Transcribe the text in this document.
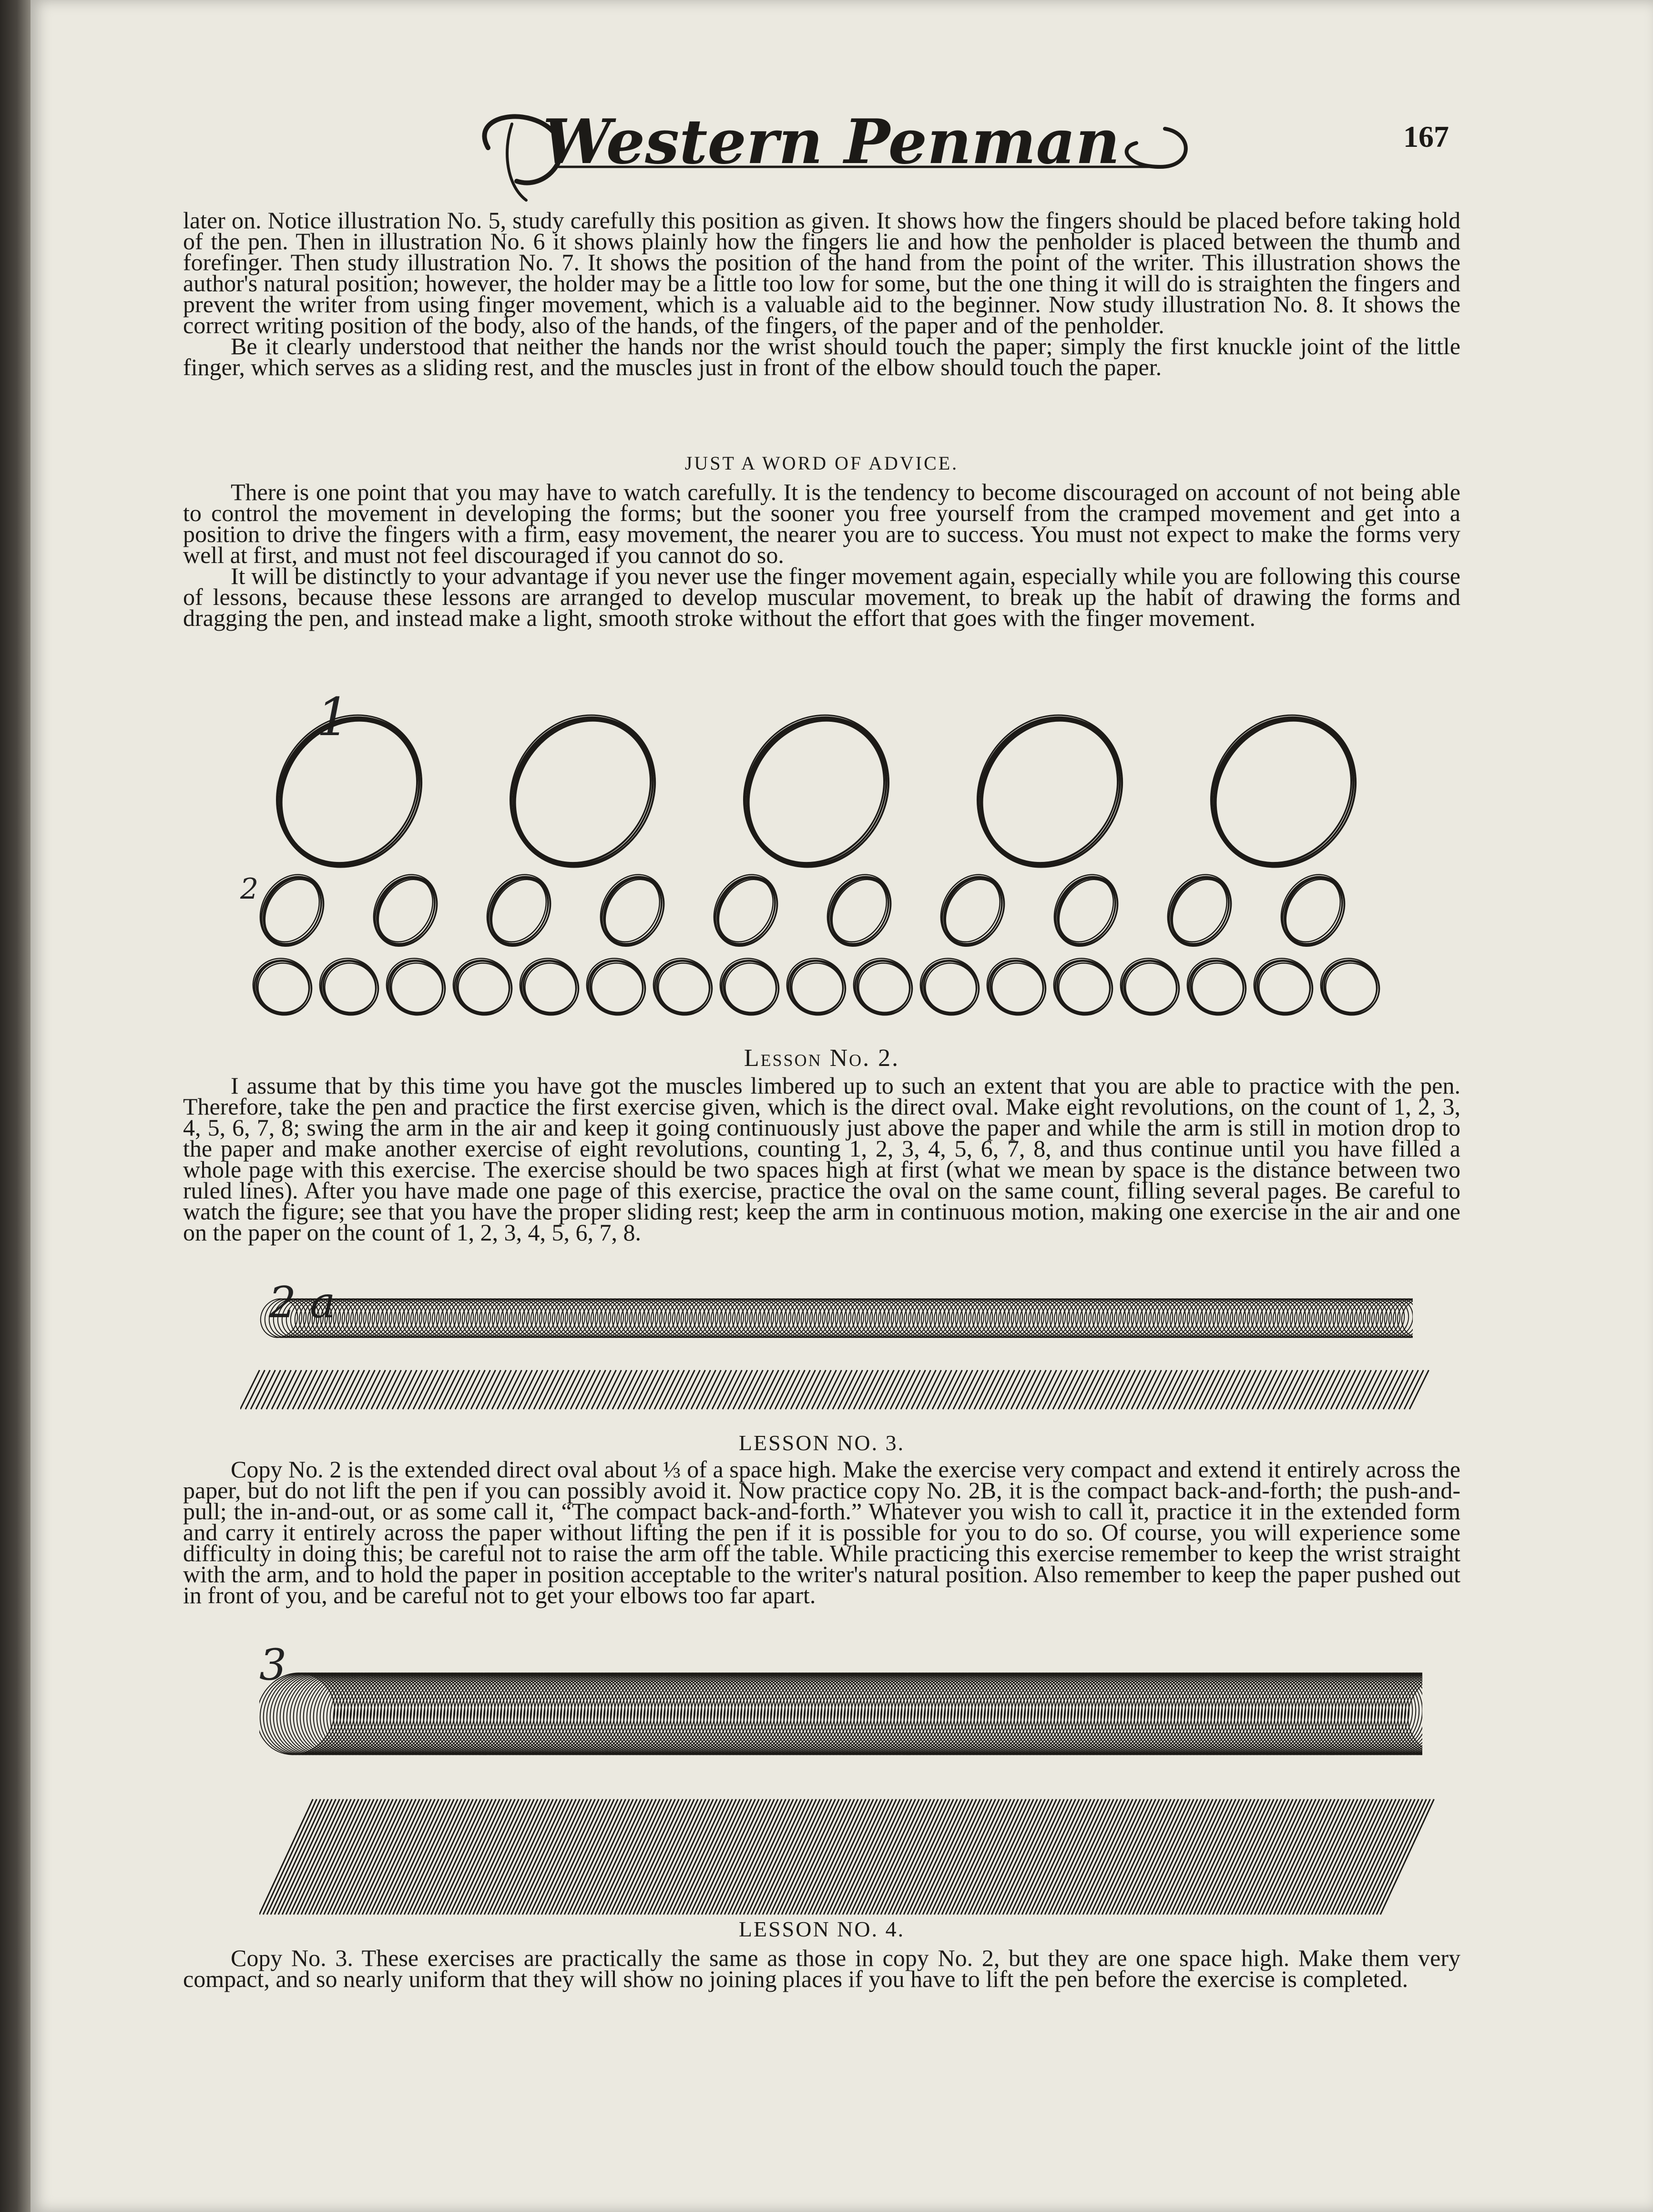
Western Penman	167

later on. Notice illustration No. 5, study carefully this position as given. It shows how the fingers should be placed before taking hold of the pen. Then in illustration No. 6 it shows plainly how the fingers lie and how the penholder is placed between the thumb and forefinger. Then study illustration No. 7. It shows the position of the hand from the point of the writer. This illustration shows the author's natural position; however, the holder may be a little too low for some, but the one thing it will do is straighten the fingers and prevent the writer from using finger movement, which is a valuable aid to the beginner. Now study illustration No. 8. It shows the correct writing position of the body, also of the hands, of the fingers, of the paper and of the penholder.

Be it clearly understood that neither the hands nor the wrist should touch the paper; simply the first knuckle joint of the little finger, which serves as a sliding rest, and the muscles just in front of the elbow should touch the paper.

JUST A WORD OF ADVICE.

There is one point that you may have to watch carefully. It is the tendency to become discouraged on account of not being able to control the movement in developing the forms; but the sooner you free yourself from the cramped movement and get into a position to drive the fingers with a firm, easy movement, the nearer you are to success. You must not expect to make the forms very well at first, and must not feel discouraged if you cannot do so.

It will be distinctly to your advantage if you never use the finger movement again, especially while you are following this course of lessons, because these lessons are arranged to develop muscular movement, to break up the habit of drawing the forms and dragging the pen, and instead make a light, smooth stroke without the effort that goes with the finger movement.

1
2
Lesson No. 2.

I assume that by this time you have got the muscles limbered up to such an extent that you are able to practice with the pen. Therefore, take the pen and practice the first exercise given, which is the direct oval. Make eight revolutions, on the count of 1, 2, 3, 4, 5, 6, 7, 8; swing the arm in the air and keep it going continuously just above the paper and while the arm is still in motion drop to the paper and make another exercise of eight revolutions, counting 1, 2, 3, 4, 5, 6, 7, 8, and thus continue until you have filled a whole page with this exercise. The exercise should be two spaces high at first (what we mean by space is the distance between two ruled lines). After you have made one page of this exercise, practice the oval on the same count, filling several pages. Be careful to watch the figure; see that you have the proper sliding rest; keep the arm in continuous motion, making one exercise in the air and one on the paper on the count of 1, 2, 3, 4, 5, 6, 7, 8.

2 a
LESSON NO. 3.

Copy No. 2 is the extended direct oval about ⅓ of a space high. Make the exercise very compact and extend it entirely across the paper, but do not lift the pen if you can possibly avoid it. Now practice copy No. 2B, it is the compact back-and-forth; the push-and-pull; the in-and-out, or as some call it, “The compact back-and-forth.” Whatever you wish to call it, practice it in the extended form and carry it entirely across the paper without lifting the pen if it is possible for you to do so. Of course, you will experience some difficulty in doing this; be careful not to raise the arm off the table. While practicing this exercise remember to keep the wrist straight with the arm, and to hold the paper in position acceptable to the writer's natural position. Also remember to keep the paper pushed out in front of you, and be careful not to get your elbows too far apart.

3
LESSON NO. 4.

Copy No. 3. These exercises are practically the same as those in copy No. 2, but they are one space high. Make them very compact, and so nearly uniform that they will show no joining places if you have to lift the pen before the exercise is completed.
